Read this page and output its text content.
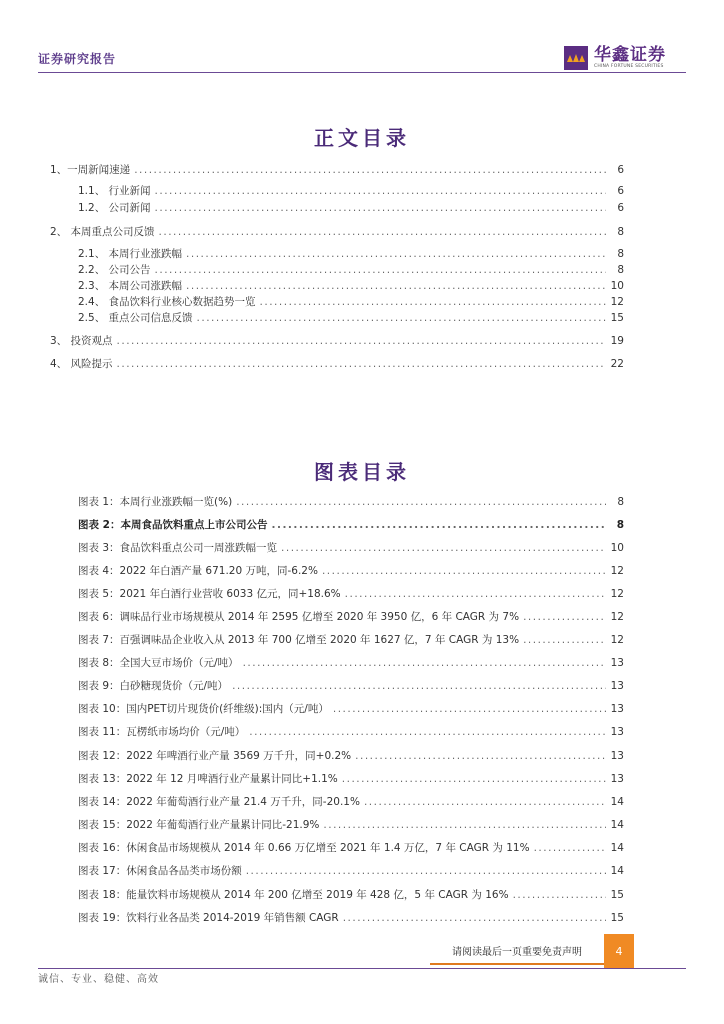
证券研究报告	华鑫证券
CHINA FORTUNE SECURITIES
正文目录
1、一周新闻速递 .....	6
1.1、 行业新闻 .....	6
1.2、 公司新闻 .....	6
2、 本周重点公司反馈 .....	8
2.1、 本周行业涨跌幅 .....	8
2.2、 公司公告 .....	8
2.3、 本周公司涨跌幅 .....	10
2.4、 食品饮料行业核心数据趋势一览 .....	12
2.5、 重点公司信息反馈 .....	15
3、 投资观点 .....	19
4、 风险提示 .....	22
图表目录
图表 1：本周行业涨跌幅一览(%) .....	8
图表 2：本周食品饮料重点上市公司公告 .....	8
图表 3：食品饮料重点公司一周涨跌幅一览 .....	10
图表 4：2022 年白酒产量 671.20 万吨，同-6.2% .....	12
图表 5：2021 年白酒行业营收 6033 亿元，同+18.6% .....	12
图表 6：调味品行业市场规模从 2014 年 2595 亿增至 2020 年 3950 亿，6 年 CAGR 为 7% .....	12
图表 7：百强调味品企业收入从 2013 年 700 亿增至 2020 年 1627 亿，7 年 CAGR 为 13% .....	12
图表 8：全国大豆市场价（元/吨） .....	13
图表 9：白砂糖现货价（元/吨） .....	13
图表 10：国内PET切片现货价(纤维级):国内（元/吨） .....	13
图表 11：瓦楞纸市场均价（元/吨） .....	13
图表 12：2022 年啤酒行业产量 3569 万千升，同+0.2% .....	13
图表 13：2022 年 12 月啤酒行业产量累计同比+1.1% .....	13
图表 14：2022 年葡萄酒行业产量 21.4 万千升，同-20.1% .....	14
图表 15：2022 年葡萄酒行业产量累计同比-21.9% .....	14
图表 16：休闲食品市场规模从 2014 年 0.66 万亿增至 2021 年 1.4 万亿，7 年 CAGR 为 11% .....	14
图表 17：休闲食品各品类市场份额 .....	14
图表 18：能量饮料市场规模从 2014 年 200 亿增至 2019 年 428 亿，5 年 CAGR 为 16% .....	15
图表 19：饮料行业各品类 2014-2019 年销售额 CAGR .....	15
请阅读最后一页重要免责声明	4
诚信、专业、稳健、高效
